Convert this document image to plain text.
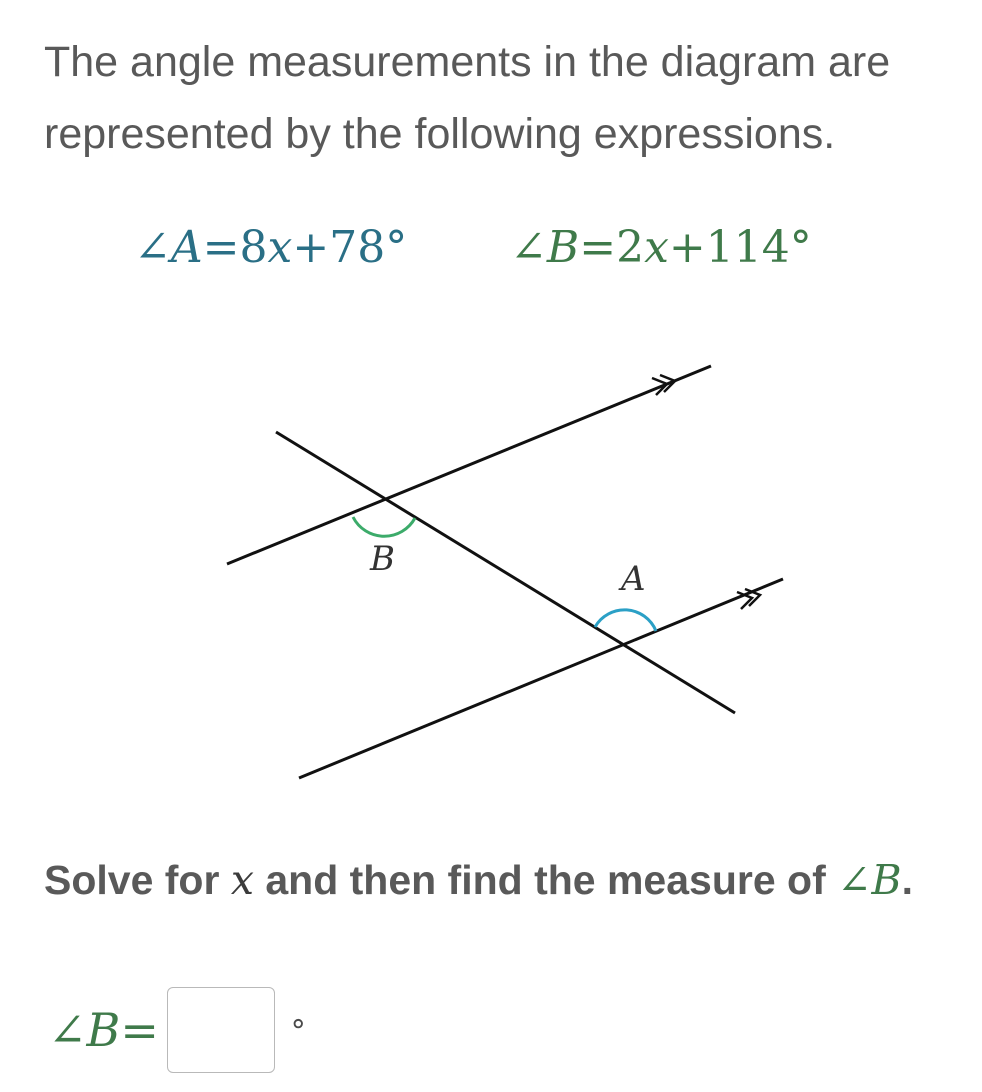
The angle measurements in the diagram are
represented by the following expressions.

∠A=8x+78° ∠B=2x+114°
B	A
Solve for x and then find the measure of ∠B.
∠B=	∘
